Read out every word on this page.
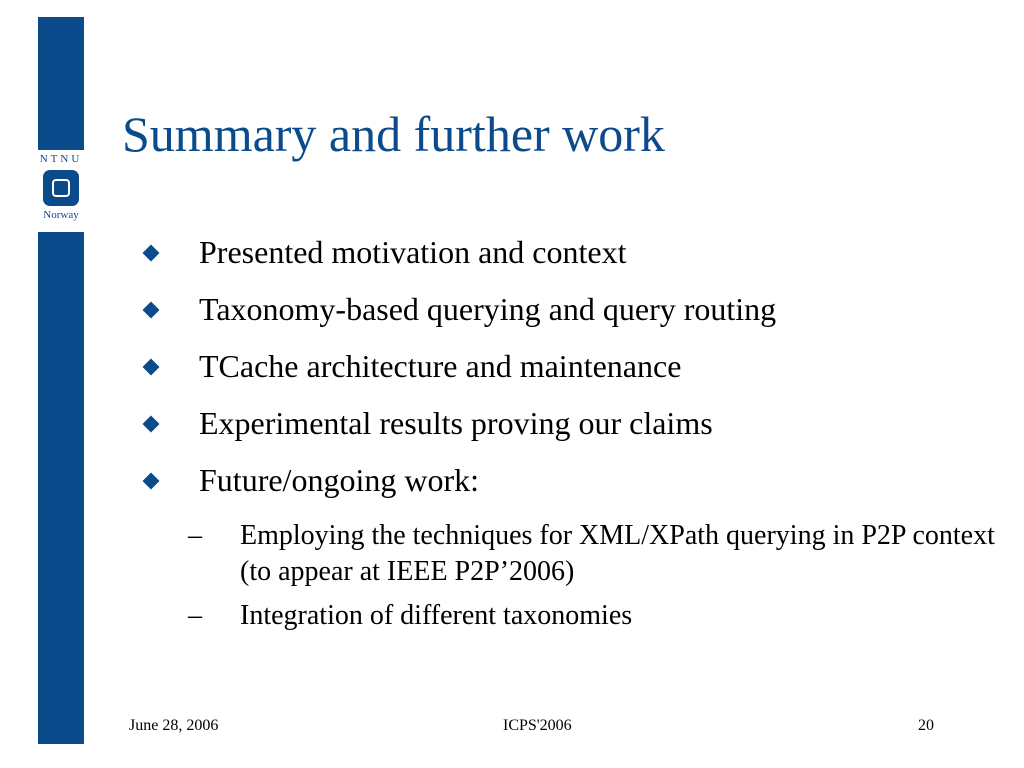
NTNU
Norway
Summary and further work
Presented motivation and context
Taxonomy-based querying and query routing
TCache architecture and maintenance
Experimental results proving our claims
Future/ongoing work:
– Employing the techniques for XML/XPath querying in P2P context (to appear at IEEE P2P’2006)
– Integration of different taxonomies
June 28, 2006	ICPS'2006	20
